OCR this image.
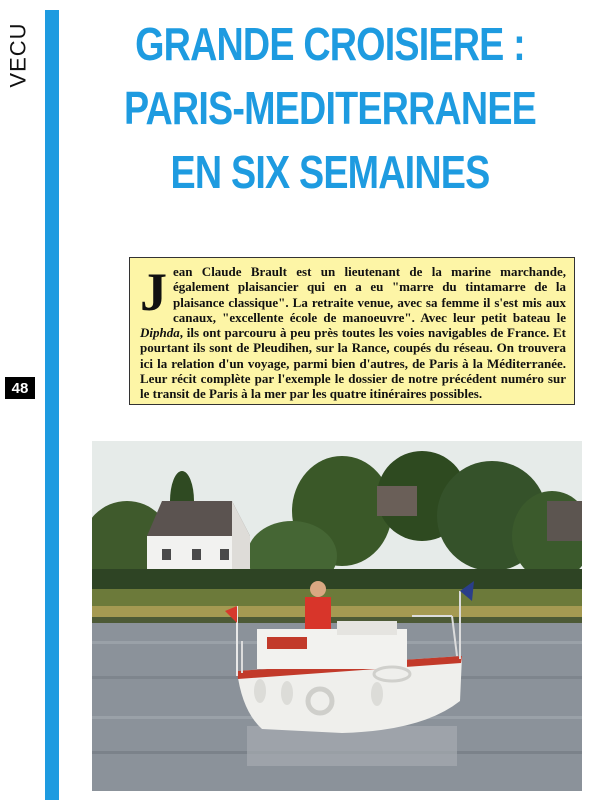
VECU
48
GRANDE CROISIERE :
PARIS-MEDITERRANEE
EN SIX SEMAINES
Jean Claude Brault est un lieutenant de la marine marchande, également plaisancier qui en a eu "marre du tintamarre de la plaisance classique". La retraite venue, avec sa femme il s'est mis aux canaux, "excellente école de manoeuvre". Avec leur petit bateau le Diphda, ils ont parcouru à peu près toutes les voies navigables de France. Et pourtant ils sont de Pleudihen, sur la Rance, coupés du réseau. On trouvera ici la relation d'un voyage, parmi bien d'autres, de Paris à la Méditerranée. Leur récit complète par l'exemple le dossier de notre précédent numéro sur le transit de Paris à la mer par les quatre itinéraires possibles.
